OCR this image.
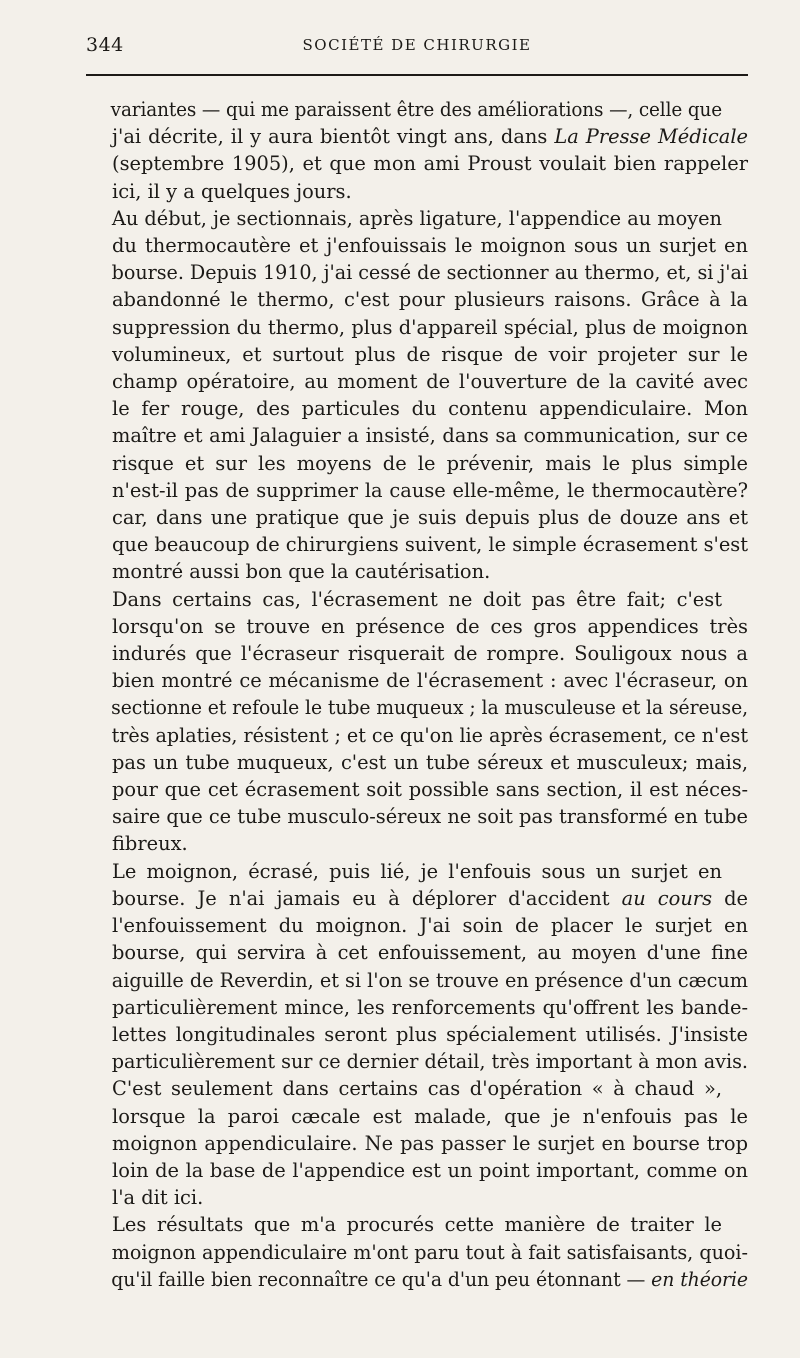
344	SOCIÉTÉ DE CHIRURGIE

variantes — qui me paraissent être des améliorations —, celle que
j'ai décrite, il y aura bientôt vingt ans, dans La Presse Médicale
(septembre 1905), et que mon ami Proust voulait bien rappeler
ici, il y a quelques jours.

Au début, je sectionnais, après ligature, l'appendice au moyen
du thermocautère et j'enfouissais le moignon sous un surjet en
bourse. Depuis 1910, j'ai cessé de sectionner au thermo, et, si j'ai
abandonné le thermo, c'est pour plusieurs raisons. Grâce à la
suppression du thermo, plus d'appareil spécial, plus de moignon
volumineux, et surtout plus de risque de voir projeter sur le
champ opératoire, au moment de l'ouverture de la cavité avec
le fer rouge, des particules du contenu appendiculaire. Mon
maître et ami Jalaguier a insisté, dans sa communication, sur ce
risque et sur les moyens de le prévenir, mais le plus simple
n'est-il pas de supprimer la cause elle-même, le thermocautère?
car, dans une pratique que je suis depuis plus de douze ans et
que beaucoup de chirurgiens suivent, le simple écrasement s'est
montré aussi bon que la cautérisation.

Dans certains cas, l'écrasement ne doit pas être fait; c'est
lorsqu'on se trouve en présence de ces gros appendices très
indurés que l'écraseur risquerait de rompre. Souligoux nous a
bien montré ce mécanisme de l'écrasement : avec l'écraseur, on
sectionne et refoule le tube muqueux ; la musculeuse et la séreuse,
très aplaties, résistent ; et ce qu'on lie après écrasement, ce n'est
pas un tube muqueux, c'est un tube séreux et musculeux; mais,
pour que cet écrasement soit possible sans section, il est néces-
saire que ce tube musculo-séreux ne soit pas transformé en tube
fibreux.

Le moignon, écrasé, puis lié, je l'enfouis sous un surjet en
bourse. Je n'ai jamais eu à déplorer d'accident au cours de
l'enfouissement du moignon. J'ai soin de placer le surjet en
bourse, qui servira à cet enfouissement, au moyen d'une fine
aiguille de Reverdin, et si l'on se trouve en présence d'un cæcum
particulièrement mince, les renforcements qu'offrent les bande-
lettes longitudinales seront plus spécialement utilisés. J'insiste
particulièrement sur ce dernier détail, très important à mon avis.

C'est seulement dans certains cas d'opération « à chaud »,
lorsque la paroi cæcale est malade, que je n'enfouis pas le
moignon appendiculaire. Ne pas passer le surjet en bourse trop
loin de la base de l'appendice est un point important, comme on
l'a dit ici.

Les résultats que m'a procurés cette manière de traiter le
moignon appendiculaire m'ont paru tout à fait satisfaisants, quoi-
qu'il faille bien reconnaître ce qu'a d'un peu étonnant — en théorie
